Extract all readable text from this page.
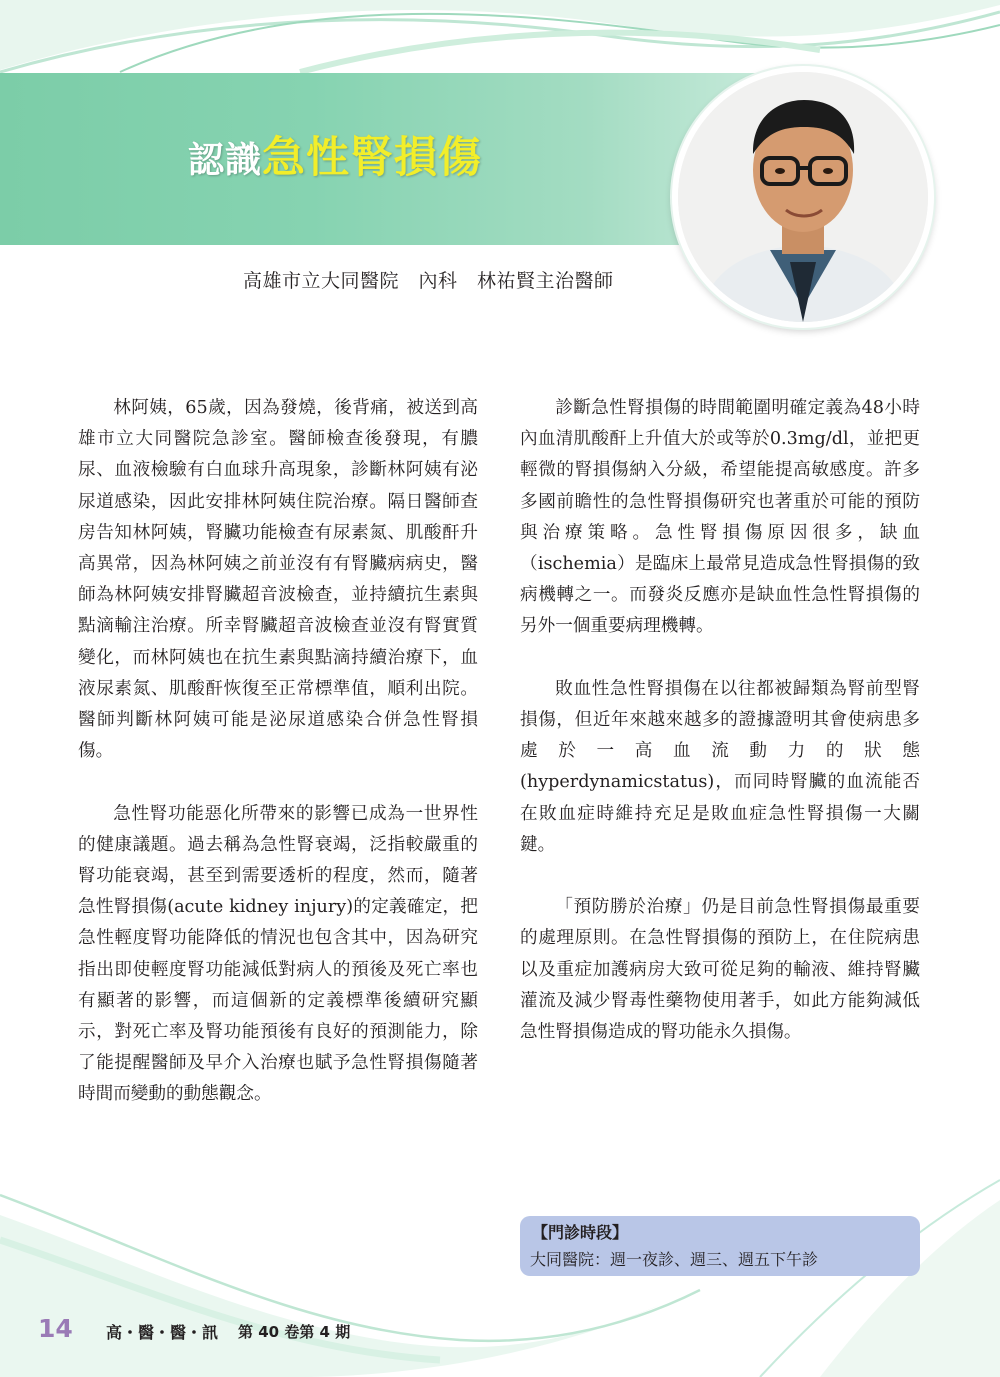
認識急性腎損傷
高雄市立大同醫院　內科　林祐賢主治醫師

林阿姨，65歲，因為發燒，後背痛，被送到高雄市立大同醫院急診室。醫師檢查後發現，有膿尿、血液檢驗有白血球升高現象，診斷林阿姨有泌尿道感染，因此安排林阿姨住院治療。隔日醫師查房告知林阿姨，腎臟功能檢查有尿素氮、肌酸酐升高異常，因為林阿姨之前並沒有有腎臟病病史，醫師為林阿姨安排腎臟超音波檢查，並持續抗生素與點滴輸注治療。所幸腎臟超音波檢查並沒有腎實質變化，而林阿姨也在抗生素與點滴持續治療下，血液尿素氮、肌酸酐恢復至正常標準值，順利出院。醫師判斷林阿姨可能是泌尿道感染合併急性腎損傷。

急性腎功能惡化所帶來的影響已成為一世界性的健康議題。過去稱為急性腎衰竭，泛指較嚴重的腎功能衰竭，甚至到需要透析的程度，然而，隨著急性腎損傷(acute kidney injury)的定義確定，把急性輕度腎功能降低的情況也包含其中，因為研究指出即使輕度腎功能減低對病人的預後及死亡率也有顯著的影響，而這個新的定義標準後續研究顯示，對死亡率及腎功能預後有良好的預測能力，除了能提醒醫師及早介入治療也賦予急性腎損傷隨著時間而變動的動態觀念。

診斷急性腎損傷的時間範圍明確定義為48小時內血清肌酸酐上升值大於或等於0.3mg/dl，並把更輕微的腎損傷納入分級，希望能提高敏感度。許多多國前瞻性的急性腎損傷研究也著重於可能的預防與治療策略。急性腎損傷原因很多，缺血（ischemia）是臨床上最常見造成急性腎損傷的致病機轉之一。而發炎反應亦是缺血性急性腎損傷的另外一個重要病理機轉。

敗血性急性腎損傷在以往都被歸類為腎前型腎損傷，但近年來越來越多的證據證明其會使病患多處於一高血流動力的狀態(hyperdynamicstatus)，而同時腎臟的血流能否在敗血症時維持充足是敗血症急性腎損傷一大關鍵。

「預防勝於治療」仍是目前急性腎損傷最重要的處理原則。在急性腎損傷的預防上，在住院病患以及重症加護病房大致可從足夠的輸液、維持腎臟灌流及減少腎毒性藥物使用著手，如此方能夠減低急性腎損傷造成的腎功能永久損傷。

【門診時段】
大同醫院：週一夜診、週三、週五下午診
14 高・醫・醫・訊 第 40 卷第 4 期
